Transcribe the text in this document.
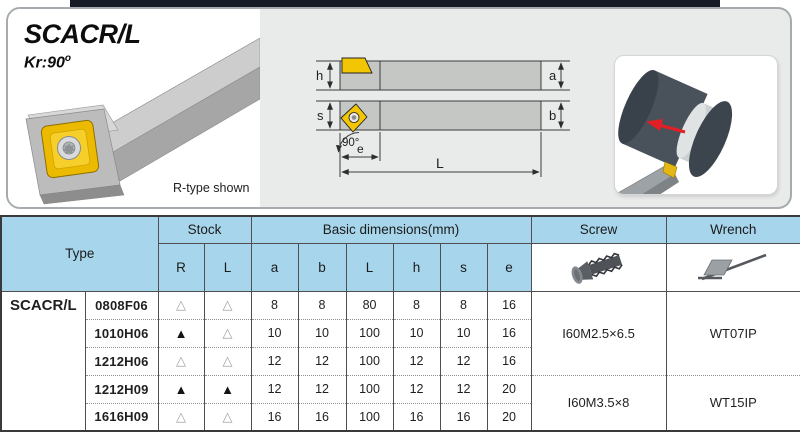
SCACR/L
Kr:90$^o$
R-type shown
h	a
s	b
90°
e
L
Type		Stock		Basic dimensions(mm)						Screw	Wrench
		R	L	a	b	L	h	s	e		
SCACR/L	0808F06	△	△	8	8	80	8	8	16	I60M2.5×6.5	WT07IP
	1010H06	▲	△	10	10	100	10	10	16		
	1212H06	△	△	12	12	100	12	12	16		
	1212H09	▲	▲	12	12	100	12	12	20	I60M3.5×8	WT15IP
	1616H09	△	△	16	16	100	16	16	20		
